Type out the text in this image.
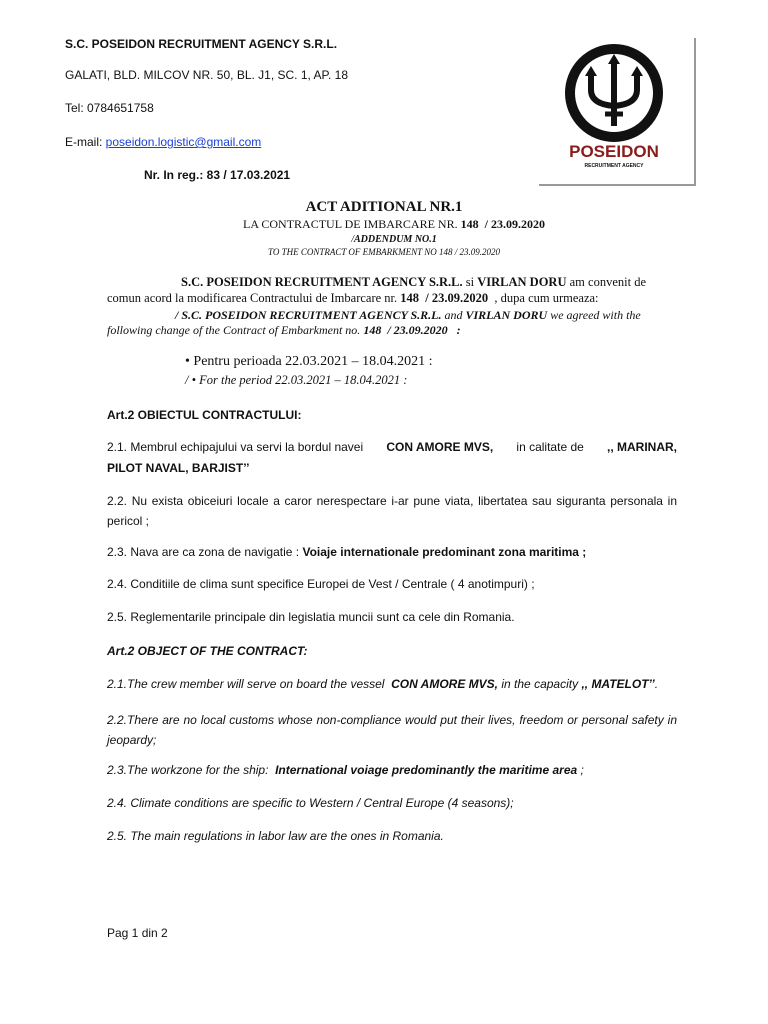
S.C. POSEIDON RECRUITMENT AGENCY S.R.L.
GALATI, BLD. MILCOV NR. 50, BL. J1, SC. 1, AP. 18
Tel: 0784651758
E-mail: poseidon.logistic@gmail.com
Nr. In reg.: 83 / 17.03.2021
POSEIDON
RECRUITMENT AGENCY
ACT ADITIONAL NR.1
LA CONTRACTUL DE IMBARCARE NR. 148 / 23.09.2020
/ADDENDUM NO.1
TO THE CONTRACT OF EMBARKMENT NO 148 / 23.09.2020
S.C. POSEIDON RECRUITMENT AGENCY S.R.L. si VIRLAN DORU am convenit de
comun acord la modificarea Contractului de Imbarcare nr. 148 / 23.09.2020 , dupa cum urmeaza:
/ S.C. POSEIDON RECRUITMENT AGENCY S.R.L. and VIRLAN DORU we agreed with the
following change of the Contract of Embarkment no. 148 / 23.09.2020 :
• Pentru perioada 22.03.2021 – 18.04.2021 :
/ • For the period 22.03.2021 – 18.04.2021 :
Art.2 OBIECTUL CONTRACTULUI:
2.1. Membrul echipajului va servi la bordul navei CON AMORE MVS, in calitate de ,, MARINAR,
PILOT NAVAL, BARJIST’’
2.2. Nu exista obiceiuri locale a caror nerespectare i-ar pune viata, libertatea sau siguranta personala in pericol ;
2.3. Nava are ca zona de navigatie : Voiaje internationale predominant zona maritima ;
2.4. Conditiile de clima sunt specifice Europei de Vest / Centrale ( 4 anotimpuri) ;
2.5. Reglementarile principale din legislatia muncii sunt ca cele din Romania.
Art.2 OBJECT OF THE CONTRACT:
2.1.The crew member will serve on board the vessel CON AMORE MVS, in the capacity ,, MATELOT’’.
2.2.There are no local customs whose non-compliance would put their lives, freedom or personal safety in jeopardy;
2.3.The workzone for the ship: International voiage predominantly the maritime area ;
2.4. Climate conditions are specific to Western / Central Europe (4 seasons);
2.5. The main regulations in labor law are the ones in Romania.
Pag 1 din 2
